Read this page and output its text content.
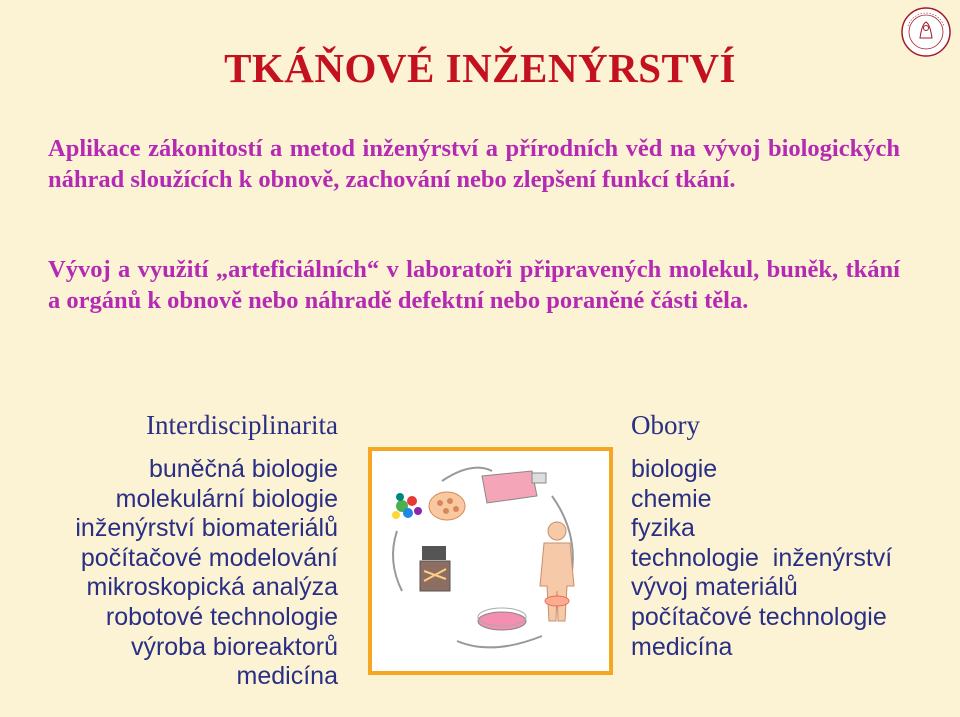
TKÁŇOVÉ INŽENÝRSTVÍ
Aplikace zákonitostí a metod inženýrství a přírodních věd na vývoj biologických náhrad sloužících k obnově, zachování nebo zlepšení funkcí tkání.
Vývoj a využití „arteficiálních“ v laboratoři připravených molekul, buněk, tkání a orgánů k obnově nebo náhradě defektní nebo poraněné části těla.
Interdisciplinarita
buněčná biologie
molekulární biologie
inženýrství biomateriálů
počítačové modelování
mikroskopická analýza
robotové technologie
výroba bioreaktorů
medicína
Obory
biologie
chemie
fyzika
technologie  inženýrství
vývoj materiálů
počítačové technologie
medicína
